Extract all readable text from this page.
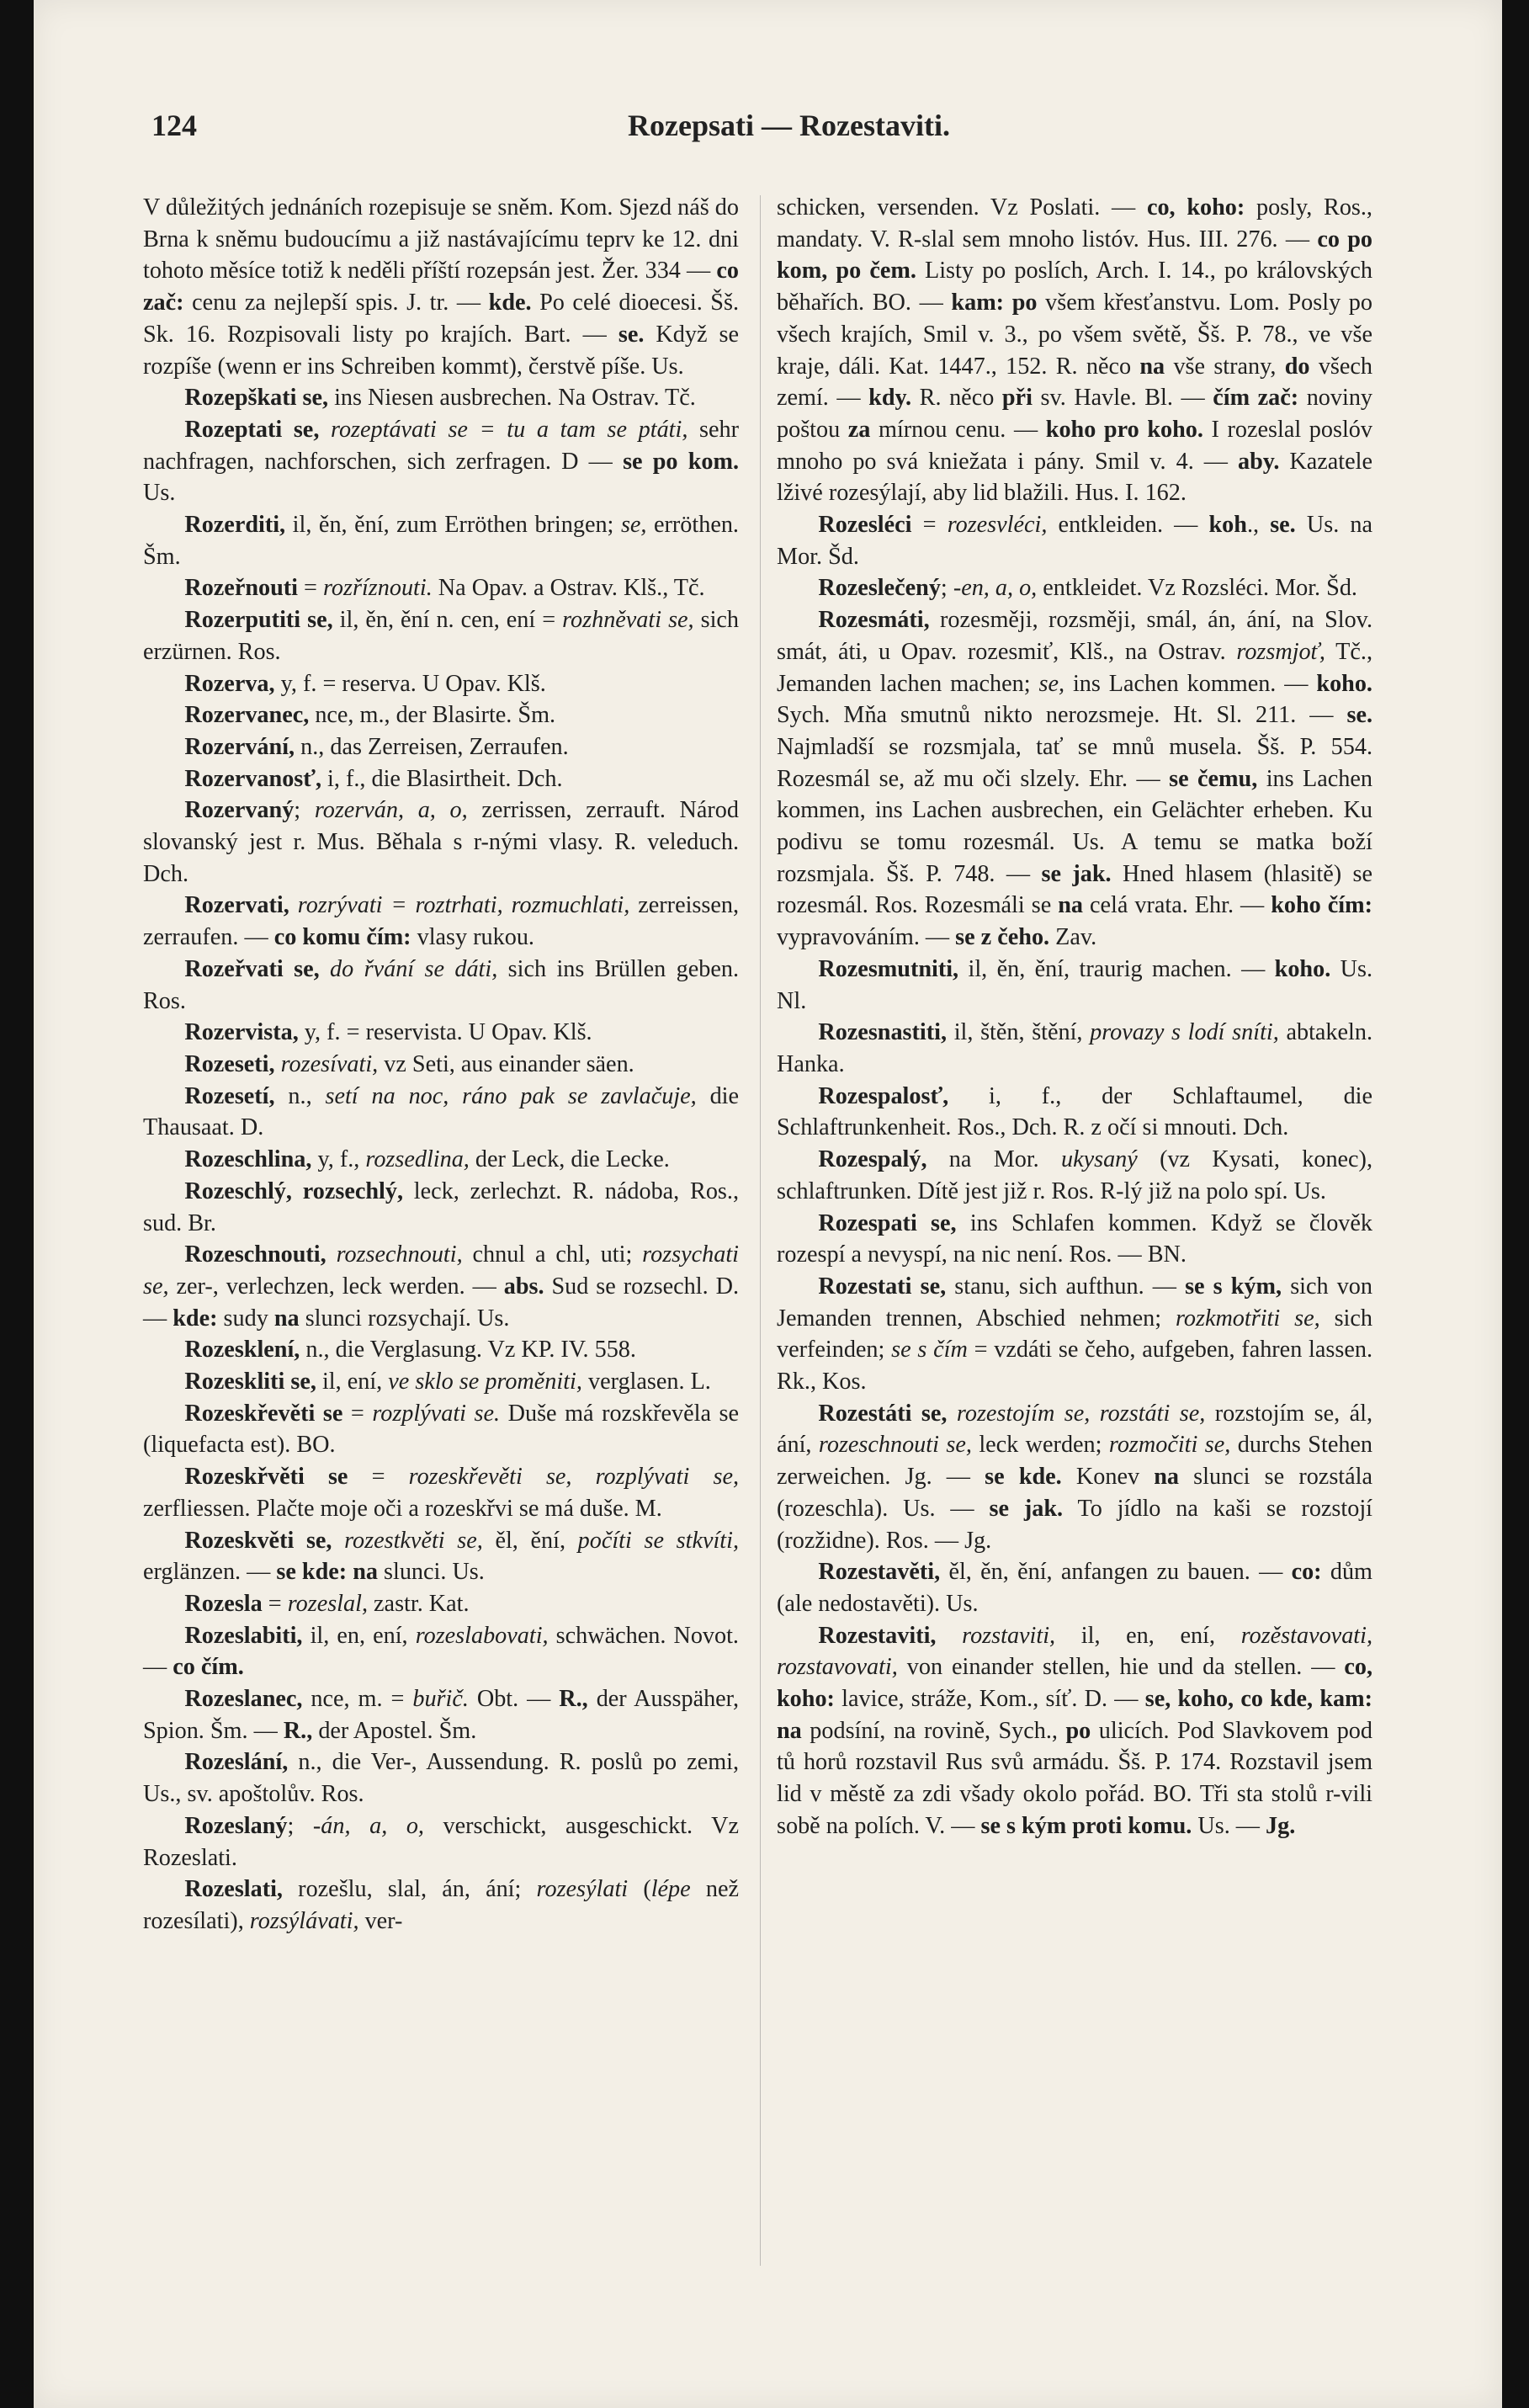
124	Rozepsati — Rozestaviti.

V důležitých jednáních rozepisuje se sněm. Kom. Sjezd náš do Brna k sněmu budoucímu a již nastávajícímu teprv ke 12. dni tohoto měsíce totiž k neděli příští rozepsán jest. Žer. 334 — co zač: cenu za nejlepší spis. J. tr. — kde. Po celé dioecesi. Šš. Sk. 16. Rozpisovali listy po krajích. Bart. — se. Když se rozpíše (wenn er ins Schreiben kommt), čerstvě píše. Us.

Rozepškati se, ins Niesen ausbrechen. Na Ostrav. Tč.

Rozeptati se, rozeptávati se = tu a tam se ptáti, sehr nachfragen, nachforschen, sich zerfragen. D — se po kom. Us.

Rozerditi, il, ěn, ění, zum Erröthen bringen; se, erröthen. Šm.

Rozeřnouti = rozříznouti. Na Opav. a Ostrav. Klš., Tč.

Rozerputiti se, il, ěn, ění n. cen, ení = rozhněvati se, sich erzürnen. Ros.

Rozerva, y, f. = reserva. U Opav. Klš.

Rozervanec, nce, m., der Blasirte. Šm.

Rozervání, n., das Zerreisen, Zerraufen.

Rozervanosť, i, f., die Blasirtheit. Dch.

Rozervaný; rozerván, a, o, zerrissen, zerrauft. Národ slovanský jest r. Mus. Běhala s r-nými vlasy. R. veleduch. Dch.

Rozervati, rozrývati = roztrhati, rozmuchlati, zerreissen, zerraufen. — co komu čím: vlasy rukou.

Rozeřvati se, do řvání se dáti, sich ins Brüllen geben. Ros.

Rozervista, y, f. = reservista. U Opav. Klš.

Rozeseti, rozesívati, vz Seti, aus einander säen.

Rozesetí, n., setí na noc, ráno pak se zavlačuje, die Thausaat. D.

Rozeschlina, y, f., rozsedlina, der Leck, die Lecke.

Rozeschlý, rozsechlý, leck, zerlechzt. R. nádoba, Ros., sud. Br.

Rozeschnouti, rozsechnouti, chnul a chl, uti; rozsychati se, zer-, verlechzen, leck werden. — abs. Sud se rozsechl. D. — kde: sudy na slunci rozsychají. Us.

Rozesklení, n., die Verglasung. Vz KP. IV. 558.

Rozeskliti se, il, ení, ve sklo se proměniti, verglasen. L.

Rozeskřevěti se = rozplývati se. Duše má rozskřevěla se (liquefacta est). BO.

Rozeskřvěti se = rozeskřevěti se, rozplývati se, zerfliessen. Plačte moje oči a rozeskřvi se má duše. M.

Rozeskvěti se, rozestkvěti se, ěl, ění, počíti se stkvíti, erglänzen. — se kde: na slunci. Us.

Rozesla = rozeslal, zastr. Kat.

Rozeslabiti, il, en, ení, rozeslabovati, schwächen. Novot. — co čím.

Rozeslanec, nce, m. = buřič. Obt. — R., der Ausspäher, Spion. Šm. — R., der Apostel. Šm.

Rozeslání, n., die Ver-, Aussendung. R. poslů po zemi, Us., sv. apoštolův. Ros.

Rozeslaný; -án, a, o, verschickt, ausgeschickt. Vz Rozeslati.

Rozeslati, rozešlu, slal, án, ání; rozesýlati (lépe než rozesílati), rozsýlávati, ver-

schicken, versenden. Vz Poslati. — co, koho: posly, Ros., mandaty. V. R-slal sem mnoho listóv. Hus. III. 276. — co po kom, po čem. Listy po poslích, Arch. I. 14., po královských běhařích. BO. — kam: po všem křesťanstvu. Lom. Posly po všech krajích, Smil v. 3., po všem světě, Šš. P. 78., ve vše kraje, dáli. Kat. 1447., 152. R. něco na vše strany, do všech zemí. — kdy. R. něco při sv. Havle. Bl. — čím zač: noviny poštou za mírnou cenu. — koho pro koho. I rozeslal poslóv mnoho po svá kniežata i pány. Smil v. 4. — aby. Kazatele lživé rozesýlají, aby lid blažili. Hus. I. 162.

Rozesléci = rozesvléci, entkleiden. — koh., se. Us. na Mor. Šd.

Rozeslečený; -en, a, o, entkleidet. Vz Rozsléci. Mor. Šd.

Rozesmáti, rozesměji, rozsměji, smál, án, ání, na Slov. smát, áti, u Opav. rozesmiť, Klš., na Ostrav. rozsmjoť, Tč., Jemanden lachen machen; se, ins Lachen kommen. — koho. Sych. Mňa smutnů nikto nerozsmeje. Ht. Sl. 211. — se. Najmladší se rozsmjala, tať se mnů musela. Šš. P. 554. Rozesmál se, až mu oči slzely. Ehr. — se čemu, ins Lachen kommen, ins Lachen ausbrechen, ein Gelächter erheben. Ku podivu se tomu rozesmál. Us. A temu se matka boží rozsmjala. Šš. P. 748. — se jak. Hned hlasem (hlasitě) se rozesmál. Ros. Rozesmáli se na celá vrata. Ehr. — koho čím: vypravováním. — se z čeho. Zav.

Rozesmutniti, il, ěn, ění, traurig machen. — koho. Us. Nl.

Rozesnastiti, il, štěn, štění, provazy s lodí sníti, abtakeln. Hanka.

Rozespalosť, i, f., der Schlaftaumel, die Schlaftrunkenheit. Ros., Dch. R. z očí si mnouti. Dch.

Rozespalý, na Mor. ukysaný (vz Kysati, konec), schlaftrunken. Dítě jest již r. Ros. R-lý již na polo spí. Us.

Rozespati se, ins Schlafen kommen. Když se člověk rozespí a nevyspí, na nic není. Ros. — BN.

Rozestati se, stanu, sich aufthun. — se s kým, sich von Jemanden trennen, Abschied nehmen; rozkmotřiti se, sich verfeinden; se s čím = vzdáti se čeho, aufgeben, fahren lassen. Rk., Kos.

Rozestáti se, rozestojím se, rozstáti se, rozstojím se, ál, ání, rozeschnouti se, leck werden; rozmočiti se, durchs Stehen zerweichen. Jg. — se kde. Konev na slunci se rozstála (rozeschla). Us. — se jak. To jídlo na kaši se rozstojí (rozžidne). Ros. — Jg.

Rozestavěti, ěl, ěn, ění, anfangen zu bauen. — co: dům (ale nedostavěti). Us.

Rozestaviti, rozstaviti, il, en, ení, rozěstavovati, rozstavovati, von einander stellen, hie und da stellen. — co, koho: lavice, stráže, Kom., síť. D. — se, koho, co kde, kam: na podsíní, na rovině, Sych., po ulicích. Pod Slavkovem pod tů horů rozstavil Rus svů armádu. Šš. P. 174. Rozstavil jsem lid v městě za zdi všady okolo pořád. BO. Tři sta stolů r-vili sobě na polích. V. — se s kým proti komu. Us. — Jg.
